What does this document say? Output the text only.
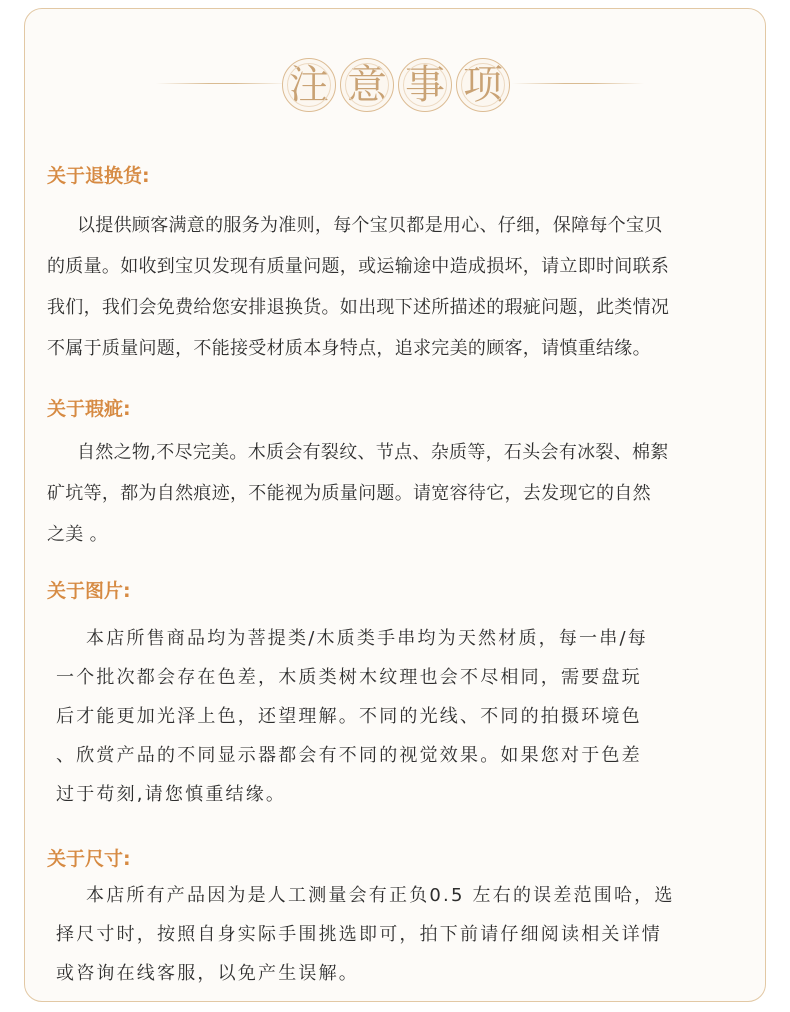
注 意 事 项
关于退换货:
以提供顾客满意的服务为准则，每个宝贝都是用心、仔细，保障每个宝贝
的质量。如收到宝贝发现有质量问题，或运输途中造成损坏，请立即时间联系
我们，我们会免费给您安排退换货。如出现下述所描述的瑕疵问题，此类情况
不属于质量问题，不能接受材质本身特点，追求完美的顾客，请慎重结缘。
关于瑕疵:
自然之物,不尽完美。木质会有裂纹、节点、杂质等，石头会有冰裂、棉絮
矿坑等，都为自然痕迹，不能视为质量问题。请宽容待它，去发现它的自然
之美 。
关于图片:
本店所售商品均为菩提类/木质类手串均为天然材质，每一串/每
一个批次都会存在色差，木质类树木纹理也会不尽相同，需要盘玩
后才能更加光泽上色，还望理解。不同的光线、不同的拍摄环境色
、欣赏产品的不同显示器都会有不同的视觉效果。如果您对于色差
过于苟刻,请您慎重结缘。
关于尺寸:
本店所有产品因为是人工测量会有正负0.5 左右的误差范围哈，选
择尺寸时，按照自身实际手围挑选即可，拍下前请仔细阅读相关详情
或咨询在线客服，以免产生误解。
